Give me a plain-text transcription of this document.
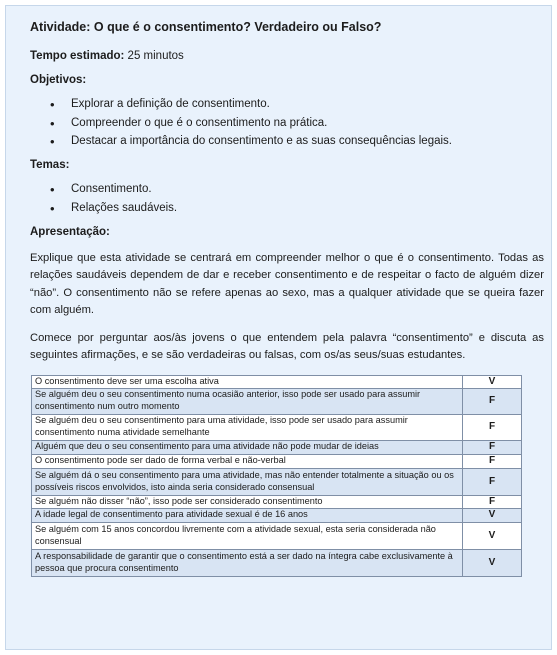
Atividade: O que é o consentimento? Verdadeiro ou Falso?
Tempo estimado: 25 minutos
Objetivos:
• Explorar a definição de consentimento.
• Compreender o que é o consentimento na prática.
• Destacar a importância do consentimento e as suas consequências legais.
Temas:
• Consentimento.
• Relações saudáveis.
Apresentação:

Explique que esta atividade se centrará em compreender melhor o que é o consentimento. Todas as relações saudáveis dependem de dar e receber consentimento e de respeitar o facto de alguém dizer “não”. O consentimento não se refere apenas ao sexo, mas a qualquer atividade que se queira fazer com alguém.

Comece por perguntar aos/às jovens o que entendem pela palavra “consentimento” e discuta as seguintes afirmações, e se são verdadeiras ou falsas, com os/as seus/suas estudantes.

O consentimento deve ser uma escolha ativa	V
Se alguém deu o seu consentimento numa ocasião anterior, isso pode ser usado para assumir consentimento num outro momento	F
Se alguém deu o seu consentimento para uma atividade, isso pode ser usado para assumir consentimento numa atividade semelhante	F
Alguém que deu o seu consentimento para uma atividade não pode mudar de ideias	F
O consentimento pode ser dado de forma verbal e não-verbal	F
Se alguém dá o seu consentimento para uma atividade, mas não entender totalmente a situação ou os possíveis riscos envolvidos, isto ainda seria considerado consensual	F
Se alguém não disser “não”, isso pode ser considerado consentimento	F
A idade legal de consentimento para atividade sexual é de 16 anos	V
Se alguém com 15 anos concordou livremente com a atividade sexual, esta seria considerada não consensual	V
A responsabilidade de garantir que o consentimento está a ser dado na íntegra cabe exclusivamente à pessoa que procura consentimento	V
